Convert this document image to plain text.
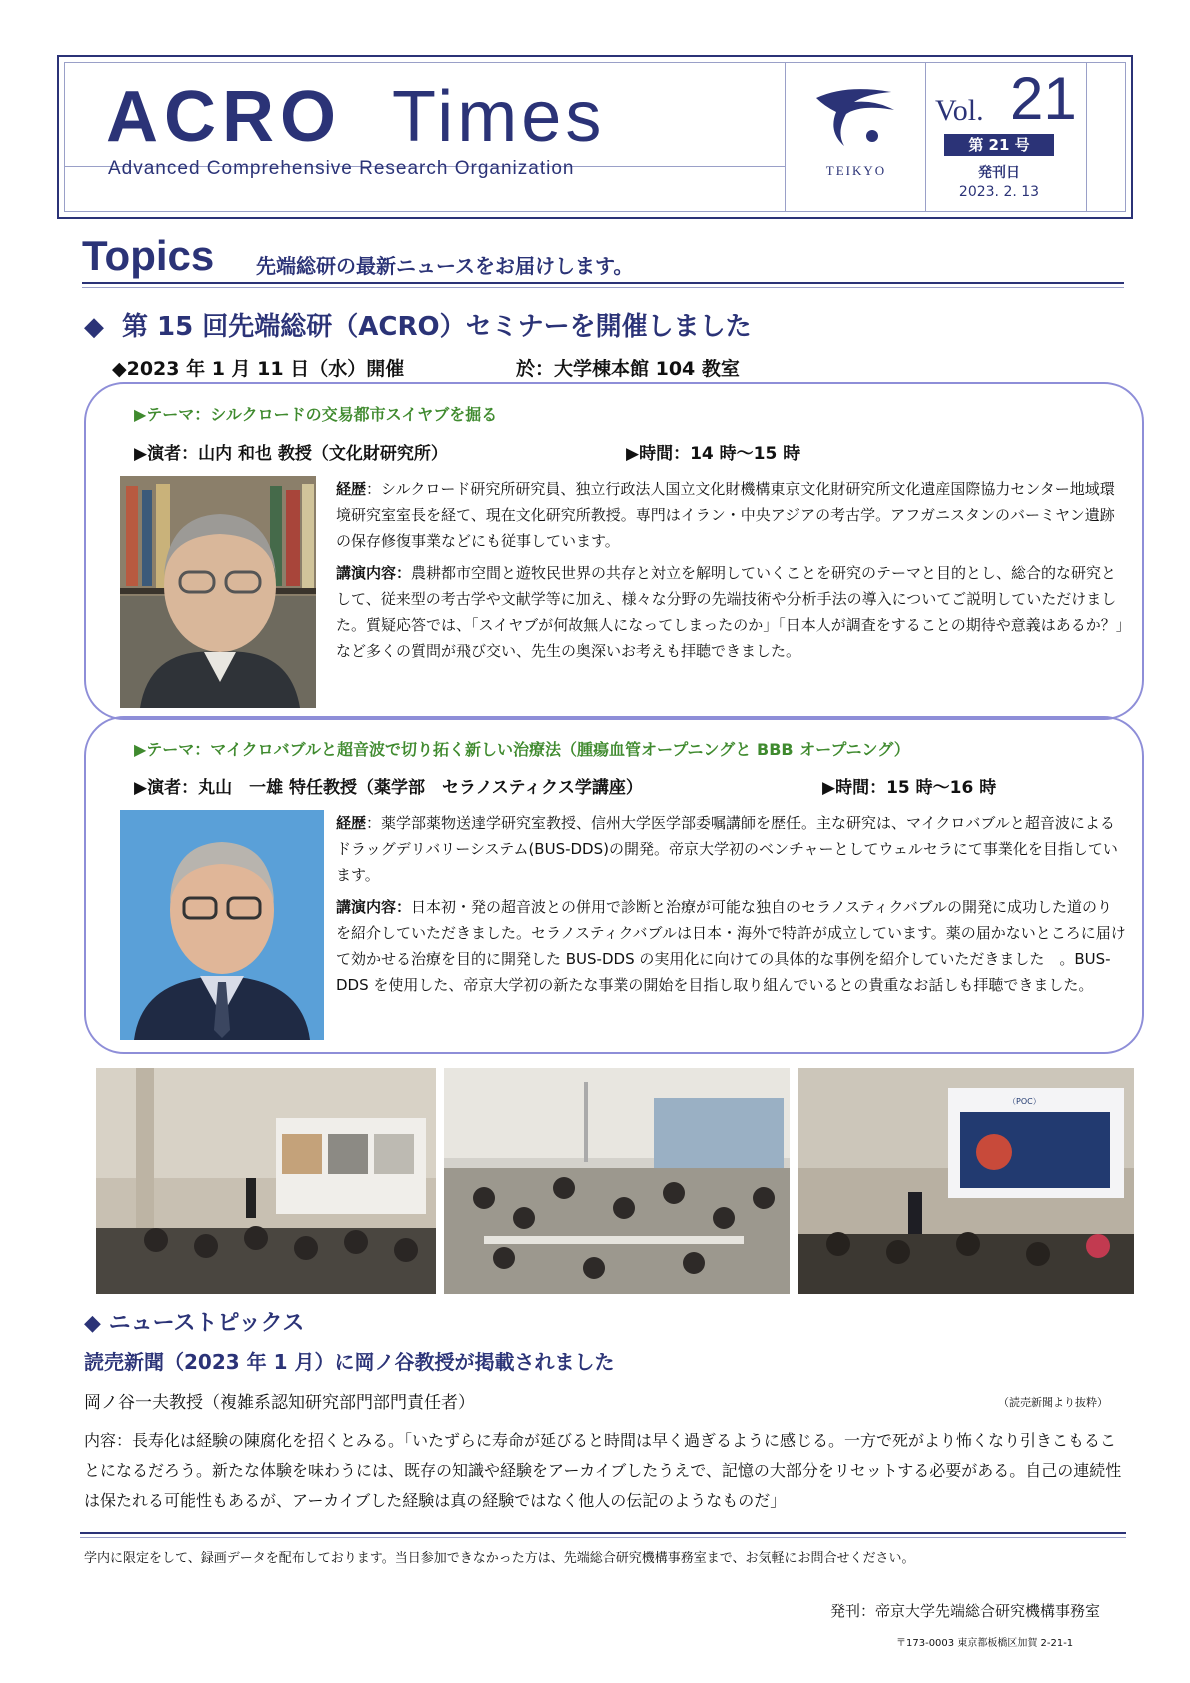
ACRO Times
Advanced Comprehensive Research Organization	TEIKYO
Vol. 21
第 21 号
発刊日
2023. 2. 13
Topics 先端総研の最新ニュースをお届けします。
◆ 第 15 回先端総研（ACRO）セミナーを開催しました
◆2023 年 1 月 11 日（水）開催	於：大学棟本館 104 教室
▶テーマ：シルクロードの交易都市スイヤブを掘る
▶演者：山内 和也 教授（文化財研究所）	▶時間：14 時～15 時
経歴：シルクロード研究所研究員、独立行政法人国立文化財機構東京文化財研究所文化遺産国際協力センター地域環境研究室室長を経て、現在文化研究所教授。専門はイラン・中央アジアの考古学。アフガニスタンのバーミヤン遺跡の保存修復事業などにも従事しています。
講演内容：農耕都市空間と遊牧民世界の共存と対立を解明していくことを研究のテーマと目的とし、総合的な研究として、従来型の考古学や文献学等に加え、様々な分野の先端技術や分析手法の導入についてご説明していただけました。質疑応答では、「スイヤブが何故無人になってしまったのか」「日本人が調査をすることの期待や意義はあるか？」など多くの質問が飛び交い、先生の奥深いお考えも拝聴できました。
▶テーマ：マイクロバブルと超音波で切り拓く新しい治療法（腫瘍血管オープニングと BBB オープニング）
▶演者：丸山　一雄 特任教授（薬学部　セラノスティクス学講座）	▶時間：15 時～16 時
経歴：薬学部薬物送達学研究室教授、信州大学医学部委嘱講師を歴任。主な研究は、マイクロバブルと超音波によるドラッグデリバリーシステム(BUS-DDS)の開発。帝京大学初のベンチャーとしてウェルセラにて事業化を目指しています。
講演内容：日本初・発の超音波との併用で診断と治療が可能な独自のセラノスティクバブルの開発に成功した道のりを紹介していただきました。セラノスティクバブルは日本・海外で特許が成立しています。薬の届かないところに届けて効かせる治療を目的に開発した BUS-DDS の実用化に向けての具体的な事例を紹介していただきました　。BUS-DDS を使用した、帝京大学初の新たな事業の開始を目指し取り組んでいるとの貴重なお話しも拝聴できました。
（POC）
◆ ニューストピックス
読売新聞（2023 年 1 月）に岡ノ谷教授が掲載されました
岡ノ谷一夫教授（複雑系認知研究部門部門責任者）	（読売新聞より抜粋）
内容：長寿化は経験の陳腐化を招くとみる。「いたずらに寿命が延びると時間は早く過ぎるように感じる。一方で死がより怖くなり引きこもることになるだろう。新たな体験を味わうには、既存の知識や経験をアーカイブしたうえで、記憶の大部分をリセットする必要がある。自己の連続性は保たれる可能性もあるが、アーカイブした経験は真の経験ではなく他人の伝記のようなものだ」
学内に限定をして、録画データを配布しております。当日参加できなかった方は、先端総合研究機構事務室まで、お気軽にお問合せください。
発刊：帝京大学先端総合研究機構事務室
〒173-0003 東京都板橋区加賀 2-21-1
